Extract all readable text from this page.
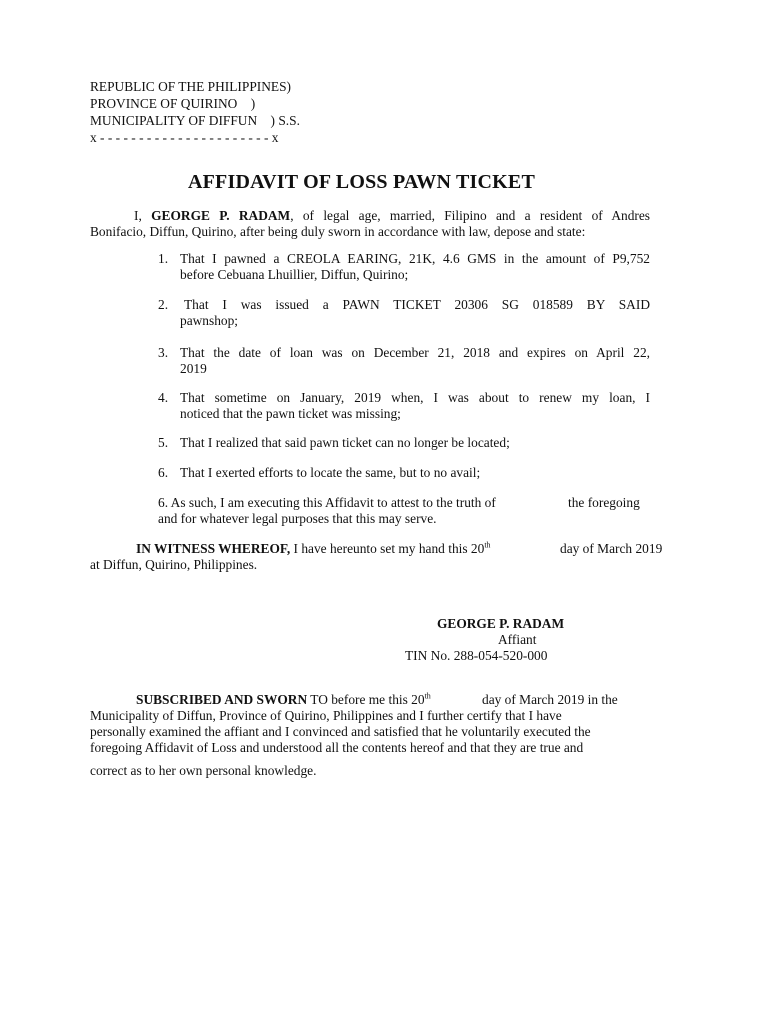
REPUBLIC OF THE PHILIPPINES)
PROVINCE OF QUIRINO    )
MUNICIPALITY OF DIFFUN    ) S.S.
x - - - - - - - - - - - - - - - - - - - - - - x
AFFIDAVIT OF LOSS PAWN TICKET
I, GEORGE P. RADAM, of legal age, married, Filipino and a resident of Andres
Bonifacio, Diffun, Quirino, after being duly sworn in accordance with law, depose and state:
1. That I pawned a CREOLA EARING, 21K, 4.6 GMS in the amount of P9,752
before Cebuana Lhuillier, Diffun, Quirino;
2. That I was issued a PAWN TICKET 20306 SG 018589 BY SAID
pawnshop;
3. That the date of loan was on December 21, 2018 and expires on April 22,
2019
4. That sometime on January, 2019 when, I was about to renew my loan, I
noticed that the pawn ticket was missing;
5. That I realized that said pawn ticket can no longer be located;
6. That I exerted efforts to locate the same, but to no avail;
6. As such, I am executing this Affidavit to attest to the truth of	the foregoing
and for whatever legal purposes that this may serve.
IN WITNESS WHEREOF, I have hereunto set my hand this 20th	day of March 2019
at Diffun, Quirino, Philippines.
GEORGE P. RADAM
Affiant
TIN No. 288-054-520-000
SUBSCRIBED AND SWORN TO before me this 20th	day of March 2019 in the
Municipality of Diffun, Province of Quirino, Philippines and I further certify that I have
personally examined the affiant and I convinced and satisfied that he voluntarily executed the
foregoing Affidavit of Loss and understood all the contents hereof and that they are true and
correct as to her own personal knowledge.
